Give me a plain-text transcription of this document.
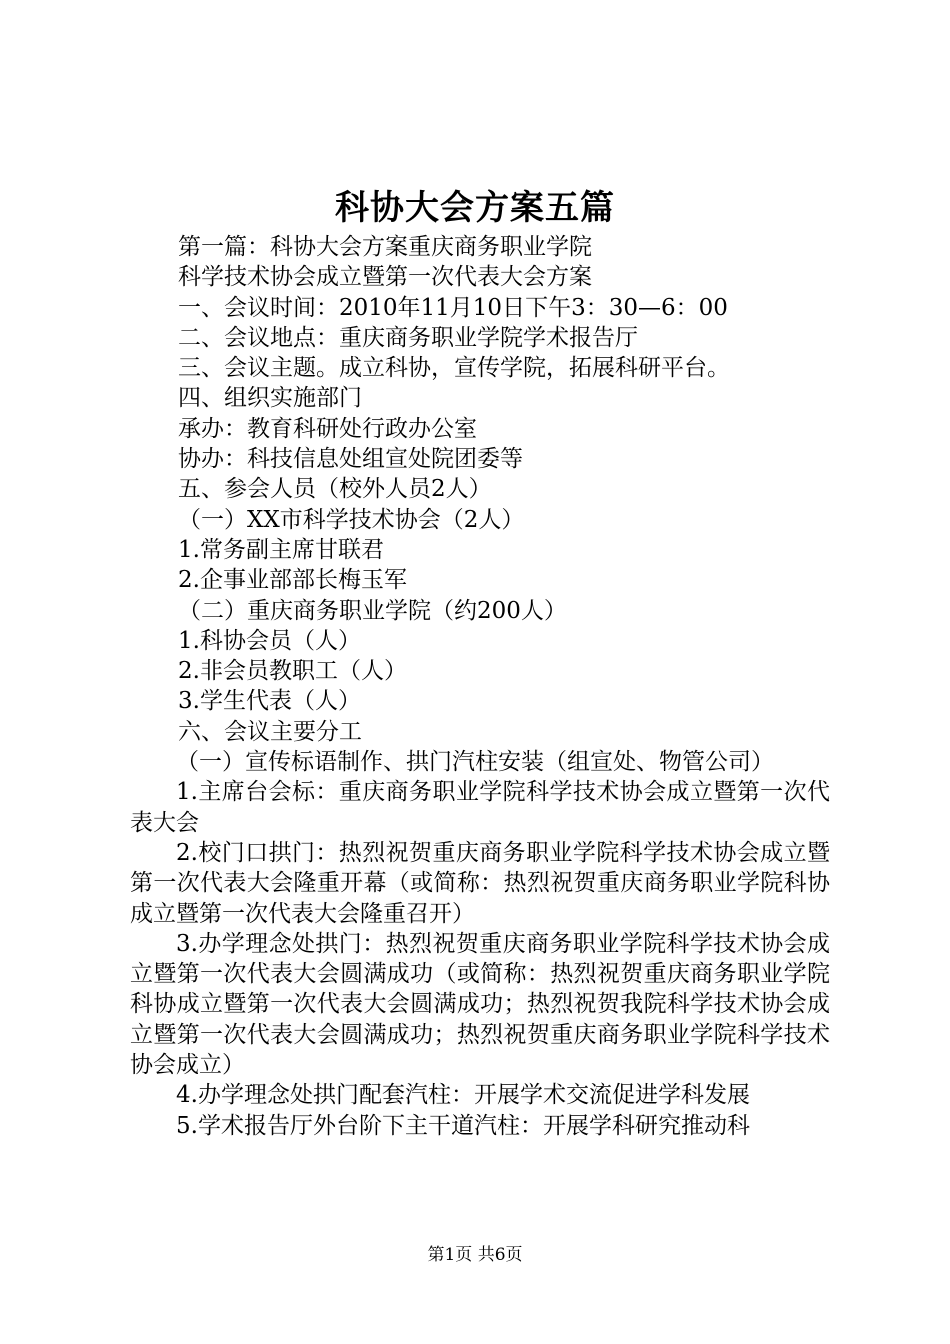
科协大会方案五篇
第一篇：科协大会方案重庆商务职业学院
科学技术协会成立暨第一次代表大会方案
一、会议时间：2010年11月10日下午3：30—6：00
二、会议地点：重庆商务职业学院学术报告厅
三、会议主题。成立科协，宣传学院，拓展科研平台。
四、组织实施部门
承办：教育科研处行政办公室
协办：科技信息处组宣处院团委等
五、参会人员（校外人员2人）
（一）XX市科学技术协会（2人）
1.常务副主席甘联君
2.企事业部部长梅玉军
（二）重庆商务职业学院（约200人）
1.科协会员（人）
2.非会员教职工（人）
3.学生代表（人）
六、会议主要分工
（一）宣传标语制作、拱门汽柱安装（组宣处、物管公司）
1.主席台会标：重庆商务职业学院科学技术协会成立暨第一次代表大会
2.校门口拱门：热烈祝贺重庆商务职业学院科学技术协会成立暨第一次代表大会隆重开幕（或简称：热烈祝贺重庆商务职业学院科协成立暨第一次代表大会隆重召开）
3.办学理念处拱门：热烈祝贺重庆商务职业学院科学技术协会成立暨第一次代表大会圆满成功（或简称：热烈祝贺重庆商务职业学院科协成立暨第一次代表大会圆满成功；热烈祝贺我院科学技术协会成立暨第一次代表大会圆满成功；热烈祝贺重庆商务职业学院科学技术协会成立）
4.办学理念处拱门配套汽柱：开展学术交流促进学科发展
5.学术报告厅外台阶下主干道汽柱：开展学科研究推动科
第1页 共6页
